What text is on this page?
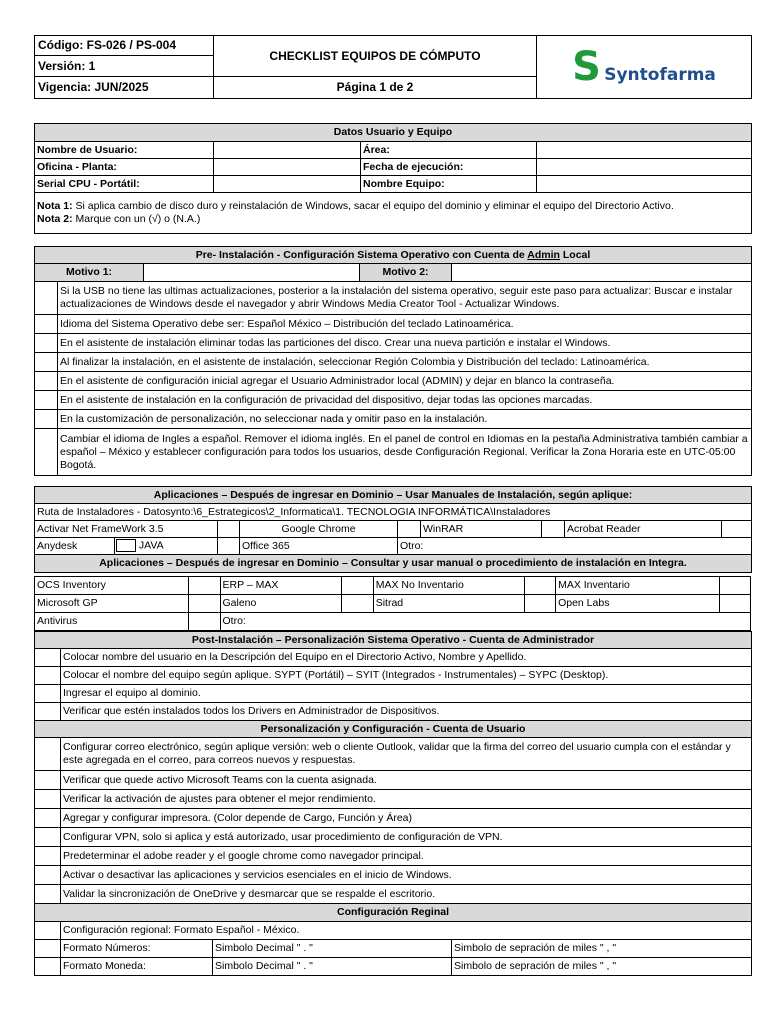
Código: FS-026 / PS-004	CHECKLIST EQUIPOS DE CÓMPUTO	S Syntofarma
Versión: 1		
Vigencia: JUN/2025	Página 1 de 2	
Datos Usuario y Equipo			
Nombre de Usuario:		Área:	
Oficina - Planta:		Fecha de ejecución:	
Serial CPU - Portátil:		Nombre Equipo:	

Nota 1: Si aplica cambio de disco duro y reinstalación de Windows, sacar el equipo del dominio y eliminar el equipo del Directorio Activo.
Nota 2: Marque con un (√) o (N.A.)			
Pre- Instalación - Configuración Sistema Operativo con Cuenta de Admin Local				
Motivo 1:			Motivo 2:	
	Si la USB no tiene las ultimas actualizaciones, posterior a la instalación del sistema operativo, seguir este paso para actualizar: Buscar e instalar actualizaciones de Windows desde el navegador y abrir Windows Media Creator Tool - Actualizar Windows.			
	Idioma del Sistema Operativo debe ser: Español México – Distribución del teclado Latinoamérica.			
	En el asistente de instalación eliminar todas las particiones del disco. Crear una nueva partición e instalar el Windows.			
	Al finalizar la instalación, en el asistente de instalación, seleccionar Región Colombia y Distribución del teclado: Latinoamérica.			
	En el asistente de configuración inicial agregar el Usuario Administrador local (ADMIN) y dejar en blanco la contraseña.			
	En el asistente de instalación en la configuración de privacidad del dispositivo, dejar todas las opciones marcadas.			
	En la customización de personalización, no seleccionar nada y omitir paso en la instalación.			
	Cambiar el idioma de Ingles a español. Remover el idioma inglés. En el panel de control en Idiomas en la pestaña Administrativa también cambiar a español – México y establecer configuración para todos los usuarios, desde Configuración Regional. Verificar la Zona Horaria este en UTC-05:00 Bogotá.			
Aplicaciones – Después de ingresar en Dominio – Usar Manuales de Instalación, según aplique:								
Ruta de Instaladores - Datosynto:\6_Estrategicos\2_Informatica\1. TECNOLOGIA INFORMÁTICA\Instaladores								
Activar Net FrameWork 3.5			Google Chrome		WinRAR		Acrobat Reader	
Anydesk	JAVA		Office 365	Otro:				
Aplicaciones – Después de ingresar en Dominio – Consultar y usar manual o procedimiento de instalación en Integra.								
OCS Inventory		ERP – MAX		MAX No Inventario		MAX Inventario	
Microsoft GP		Galeno		Sitrad		Open Labs	
Antivirus		Otro:					
Post-Instalación – Personalización Sistema Operativo - Cuenta de Administrador			
	Colocar nombre del usuario en la Descripción del Equipo en el Directorio Activo, Nombre y Apellido.		
	Colocar el nombre del equipo según aplique. SYPT (Portátil) – SYIT (Integrados - Instrumentales) – SYPC (Desktop).		
	Ingresar el equipo al dominio.		
	Verificar que estén instalados todos los Drivers en Administrador de Dispositivos.		
Personalización y Configuración - Cuenta de Usuario			
	Configurar correo electrónico, según aplique versión: web o cliente Outlook, validar que la firma del correo del usuario cumpla con el estándar y este agregada en el correo, para correos nuevos y respuestas.		
	Verificar que quede activo Microsoft Teams con la cuenta asignada.		
	Verificar la activación de ajustes para obtener el mejor rendimiento.		
	Agregar y configurar impresora. (Color depende de Cargo, Función y Área)		
	Configurar VPN, solo si aplica y está autorizado, usar procedimiento de configuración de VPN.		
	Predeterminar el adobe reader y el google chrome como navegador principal.		
	Activar o desactivar las aplicaciones y servicios esenciales en el inicio de Windows.		
	Validar la sincronización de OneDrive y desmarcar que se respalde el escritorio.		
Configuración Reginal			
	Configuración regional: Formato Español - México.		
	Formato Números:	Simbolo Decimal " . "	Simbolo de sepración de miles " , "
	Formato Moneda:	Simbolo Decimal " . "	Simbolo de sepración de miles " , "
